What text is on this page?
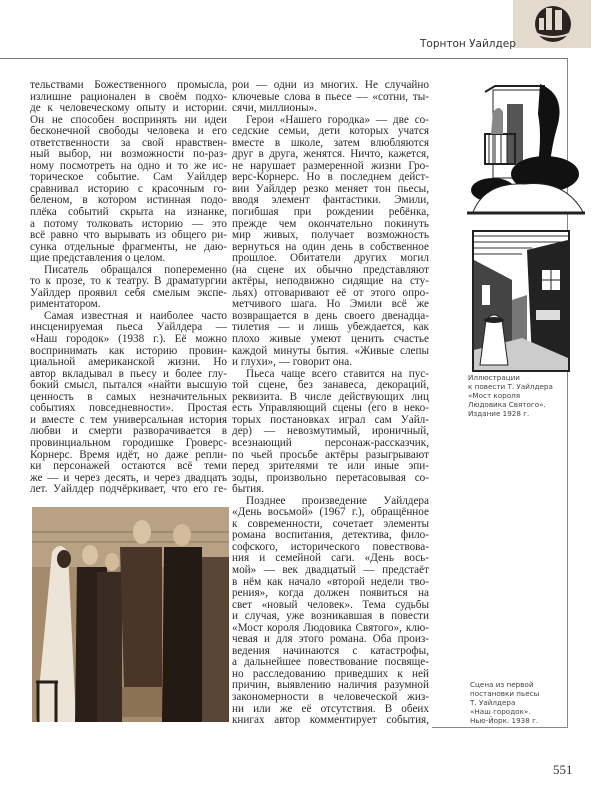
Торнтон Уайлдер
тельствами Божественного промысла,
излишне рационален в своём подхо-
де к человеческому опыту и истории.
Он не способен воспринять ни идеи
бесконечной свободы человека и его
ответственности за свой нравствен-
ный выбор, ни возможности по-раз-
ному посмотреть на одно и то же ис-
торическое событие. Сам Уайлдер
сравнивал историю с красочным го-
беленом, в котором истинная подо-
плёка событий скрыта на изнанке,
а потому толковать историю — это
всё равно что вырывать из общего ри-
сунка отдельные фрагменты, не даю-
щие представления о целом.
Писатель обращался попеременно
то к прозе, то к театру. В драматургии
Уайлдер проявил себя смелым экспе-
риментатором.
Самая известная и наиболее часто
инсценируемая пьеса Уайлдера —
«Наш городок» (1938 г.). Её можно
воспринимать как историю провин-
циальной американской жизни. Но
автор вкладывал в пьесу и более глу-
бокий смысл, пытался «найти высшую
ценность в самых незначительных
событиях повседневности». Простая
и вместе с тем универсальная история
любви и смерти разворачивается в
провинциальном городишке Гроверс-
Корнерс. Время идёт, но даже репли-
ки персонажей остаются всё теми
же — и через десять, и через двадцать
лет. Уайлдер подчёркивает, что его ге-
рои — одни из многих. Не случайно
ключевые слова в пьесе — «сотни, ты-
сячи, миллионы».
Герои «Нашего городка» — две со-
седские семьи, дети которых учатся
вместе в школе, затем влюбляются
друг в друга, женятся. Ничто, кажется,
не нарушает размеренной жизни Гро-
верс-Корнерс. Но в последнем дейст-
вии Уайлдер резко меняет тон пьесы,
вводя элемент фантастики. Эмили,
погибшая при рождении ребёнка,
прежде чем окончательно покинуть
мир живых, получает возможность
вернуться на один день в собственное
прошлое. Обитатели других могил
(на сцене их обычно представляют
актёры, неподвижно сидящие на сту-
льях) отговаривают её от этого опро-
метчивого шага. Но Эмили всё же
возвращается в день своего двенадца-
тилетия — и лишь убеждается, как
плохо живые умеют ценить счастье
каждой минуты бытия. «Живые слепы
и глухи», — говорит она.
Пьеса чаще всего ставится на пус-
той сцене, без занавеса, декораций,
реквизита. В числе действующих лиц
есть Управляющий сцены (его в неко-
торых постановках играл сам Уайл-
дер) — невозмутимый, ироничный,
всезнающий персонаж-рассказчик,
по чьей просьбе актёры разыгрывают
перед зрителями те или иные эпи-
зоды, произвольно перетасовывая со-
бытия.
Позднее произведение Уайлдера
«День восьмой» (1967 г.), обращённое
к современности, сочетает элементы
романа воспитания, детектива, фило-
софского, исторического повествова-
ния и семейной саги. «День вось-
мой» — век двадцатый — предстаёт
в нём как начало «второй недели тво-
рения», когда должен появиться на
свет «новый человек». Тема судьбы
и случая, уже возникавшая в повести
«Мост короля Людовика Святого», клю-
чевая и для этого романа. Оба произ-
ведения начинаются с катастрофы,
а дальнейшее повествование посвяще-
но расследованию приведших к ней
причин, выявлению наличия разумной
закономерности в человеческой жиз-
ни или же её отсутствия. В обеих
книгах автор комментирует события,
Иллюстрации
к повести Т. Уайлдера
«Мост короля
Людовика Святого».
Издание 1928 г.
Сцена из первой
постановки пьесы
Т. Уайлдера
«Наш городок».
Нью-Йорк. 1938 г.
551
